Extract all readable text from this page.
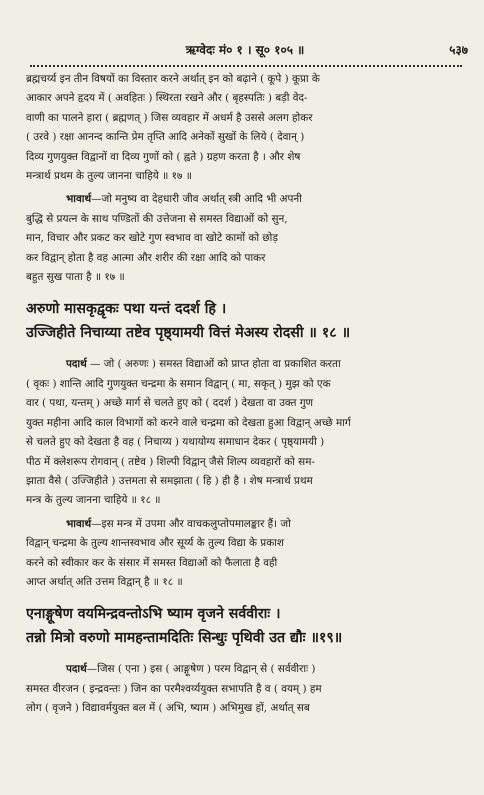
ऋग्वेदः मं० १ । सू० १०५ ॥	५३७
ब्रह्मचर्य्य इन तीन विषयों का विस्तार करने अर्थात् इन को बढ़ाने ( कूपे ) कूप्रा के
आकार अपने हृदय में ( अवहितः ) स्थिरता रखने और ( बृहस्पतिः ) बड़ी वेद-
वाणी का पालने हारा ( ब्रह्मणत् ) जिस व्यवहार में अधर्म है उससे अलग होकर
( उरवे ) रक्षा आनन्द कान्ति प्रेम तृप्ति आदि अनेकों सुखों के लिये ( देवान् )
दिव्य गुणयुक्त विद्वानों वा दिव्य गुणों को ( ह्वते ) ग्रहण करता है । और शेष
मन्त्रार्थ प्रथम के तुल्य जानना चाहिये ॥ १७ ॥
भावार्थ—जो मनुष्य वा देहधारी जीव अर्थात् स्त्री आदि भी अपनी
बुद्धि से प्रयत्न के साथ पण्डितों की उत्तेजना से समस्त विद्याओं को सुन,
मान, विचार और प्रकट कर खोटे गुण स्वभाव वा खोटे कामों को छोड़
कर विद्वान् होता है वह आत्मा और शरीर की रक्षा आदि को पाकर
बहुत सुख पाता है ॥ १७ ॥
अरुणो मासकृद्वृकः पथा यन्तं ददर्श हि ।
उज्जिहीते निचाय्या तष्टेव पृष्ठ्यामयी वित्तं मेअस्य रोदसी ॥ १८ ॥
पदार्थ — जो ( अरुणः ) समस्त विद्याओं को प्राप्त होता वा प्रकाशित करता
( वृकः ) शान्ति आदि गुणयुक्त चन्द्रमा के समान विद्वान् ( मा, सकृत् ) मुझ को एक
वार ( पथा, यन्तम् ) अच्छे मार्ग से चलते हुए को ( ददर्श ) देखता वा उक्त गुण
युक्त महीना आदि काल विभागों को करने वाले चन्द्रमा को देखता हुआ विद्वान् अच्छे मार्ग
से चलते हुए को देखता है वह ( निचाय्य ) यथायोग्य समाधान देकर ( पृष्ठ्यामयी )
पीठ में क्लेशरूप रोगवान् ( तष्टेव ) शिल्पी विद्वान् जैसे शिल्प व्यवहारों को सम-
झाता वैसे ( उज्जिहीते ) उत्तमता से समझाता ( हि ) ही है । शेष मन्त्रार्थ प्रथम
मन्त्र के तुल्य जानना चाहिये ॥ १८ ॥
भावार्थ—इस मन्त्र में उपमा और वाचकलुप्तोपमालङ्कार हैं। जो
विद्वान् चन्द्रमा के तुल्य शान्तस्वभाव और सूर्य्य के तुल्य विद्या के प्रकाश
करने को स्वीकार कर के संसार में समस्त विद्याओं को फैलाता है वही
आप्त अर्थात् अति उत्तम विद्वान् है ॥ १८ ॥
एनाङ्गूषेण वयमिन्द्रवन्तोऽभि ष्याम वृजने सर्ववीराः ।
तन्नो मित्रो वरुणो मामहन्तामदितिः सिन्धुः पृथिवी उत द्यौः ॥१९॥
पदार्थ—जिस ( एना ) इस ( आङ्गूषेण ) परम विद्वान् से ( सर्ववीराः )
समस्त वीरजन ( इन्द्रवन्तः ) जिन का परमैश्वर्य्ययुक्त सभापति है व ( वयम् ) हम
लोग ( वृजने ) विद्यावर्मयुक्त बल में ( अभि, ष्याम ) अभिमुख हों, अर्थात् सब
